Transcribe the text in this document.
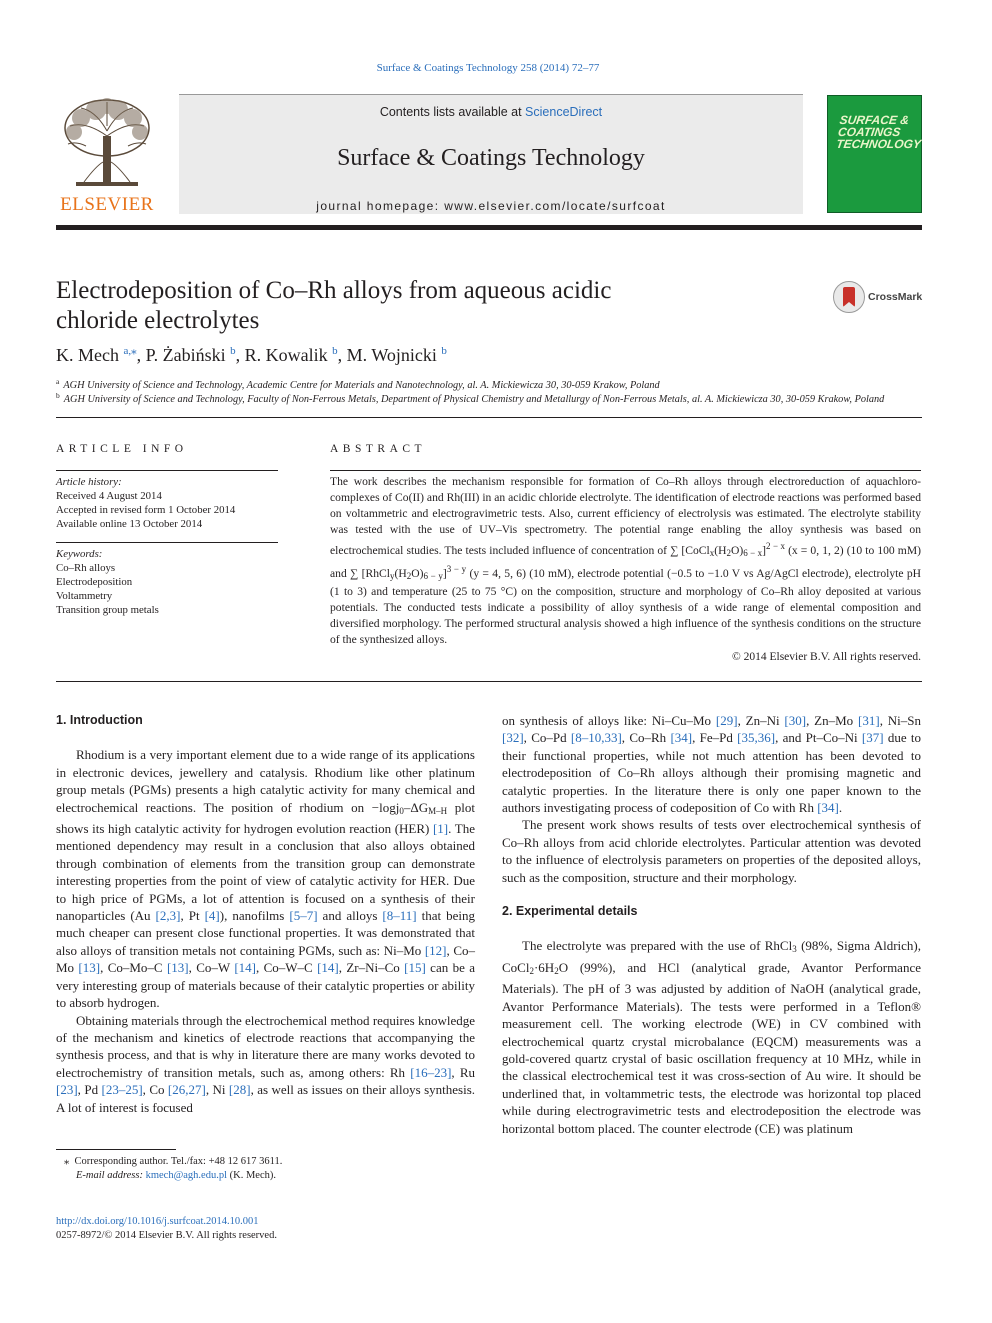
Surface & Coatings Technology 258 (2014) 72–77
ELSEVIER
Contents lists available at ScienceDirect
Surface & Coatings Technology
journal homepage: www.elsevier.com/locate/surfcoat
SURFACE & COATINGS TECHNOLOGY
Electrodeposition of Co–Rh alloys from aqueous acidic chloride electrolytes
CrossMark
K. Mech $^{a,⁎}$, P. Żabiński $^b$, R. Kowalik $^b$, M. Wojnicki $^b$
$^a$ AGH University of Science and Technology, Academic Centre for Materials and Nanotechnology, al. A. Mickiewicza 30, 30-059 Krakow, Poland
$^b$ AGH University of Science and Technology, Faculty of Non-Ferrous Metals, Department of Physical Chemistry and Metallurgy of Non-Ferrous Metals, al. A. Mickiewicza 30, 30-059 Krakow, Poland
ARTICLE INFO	ABSTRACT
Article history:
Received 4 August 2014
Accepted in revised form 1 October 2014
Available online 13 October 2014
Keywords:
Co–Rh alloys
Electrodeposition
Voltammetry
Transition group metals
The work describes the mechanism responsible for formation of Co–Rh alloys through electroreduction of aquachloro- complexes of Co(II) and Rh(III) in an acidic chloride electrolyte. The identification of electrode reactions was performed based on voltammetric and electrogravimetric tests. Also, current efficiency of electrolysis was estimated. The electrolyte stability was tested with the use of UV–Vis spectrometry. The potential range enabling the alloy synthesis was based on electrochemical studies. The tests included influence of concentration of ∑ $[CoCl_x(H_2O)_{6 - x}]^{2 - x}$ (x = 0, 1, 2) (10 to 100 mM) and ∑ $[RhCl_y(H_2O)_{6 - y}]^{3 - y}$ (y = 4, 5, 6) (10 mM), electrode potential (−0.5 to −1.0 V vs Ag/AgCl electrode), electrolyte pH (1 to 3) and temperature (25 to 75 °C) on the composition, structure and morphology of Co–Rh alloy deposited at various potentials. The conducted tests indicate a possibility of alloy synthesis of a wide range of elemental composition and diversified morphology. The performed structural analysis showed a high influence of the synthesis conditions on the structure of the synthesized alloys.
© 2014 Elsevier B.V. All rights reserved.

1. Introduction

Rhodium is a very important element due to a wide range of its applications in electronic devices, jewellery and catalysis. Rhodium like other platinum group metals (PGMs) presents a high catalytic activity for many chemical and electrochemical reactions. The position of rhodium on $-\log j_0-\Delta G_{M-H}$ plot shows its high catalytic activity for hydrogen evolution reaction (HER) [1]. The mentioned dependency may result in a conclusion that also alloys obtained through combination of elements from the transition group can demonstrate interesting properties from the point of view of catalytic activity for HER. Due to high price of PGMs, a lot of attention is focused on a synthesis of their nanoparticles (Au [2,3], Pt [4]), nanofilms [5–7] and alloys [8–11] that being much cheaper can present close functional properties. It was demonstrated that also alloys of transition metals not containing PGMs, such as: Ni–Mo [12], Co–Mo [13], Co–Mo–C [13], Co–W [14], Co–W–C [14], Zr–Ni–Co [15] can be a very interesting group of materials because of their catalytic properties or ability to absorb hydrogen.

Obtaining materials through the electrochemical method requires knowledge of the mechanism and kinetics of electrode reactions that accompanying the synthesis process, and that is why in literature there are many works devoted to electrochemistry of transition metals, such as, among others: Rh [16–23], Ru [23], Pd [23–25], Co [26,27], Ni [28], as well as issues on their alloys synthesis. A lot of interest is focused

on synthesis of alloys like: Ni–Cu–Mo [29], Zn–Ni [30], Zn–Mo [31], Ni–Sn [32], Co–Pd [8–10,33], Co–Rh [34], Fe–Pd [35,36], and Pt–Co–Ni [37] due to their functional properties, while not much attention has been devoted to electrodeposition of Co–Rh alloys although their promising magnetic and catalytic properties. In the literature there is only one paper known to the authors investigating process of codeposition of Co with Rh [34].

The present work shows results of tests over electrochemical synthesis of Co–Rh alloys from acid chloride electrolytes. Particular attention was devoted to the influence of electrolysis parameters on properties of the deposited alloys, such as the composition, structure and their morphology.

2. Experimental details

The electrolyte was prepared with the use of RhCl$_3$ (98%, Sigma Aldrich), $CoCl_2\cdot 6H_2O$ (99%), and HCl (analytical grade, Avantor Performance Materials). The pH of 3 was adjusted by addition of NaOH (analytical grade, Avantor Performance Materials). The tests were performed in a Teflon® measurement cell. The working electrode (WE) in CV combined with electrochemical quartz crystal microbalance (EQCM) measurements was a gold-covered quartz crystal of basic oscillation frequency at 10 MHz, while in the classical electrochemical test it was cross-section of Au wire. It should be underlined that, in voltammetric tests, the electrode was horizontal top placed while during electrogravimetric tests and electrodeposition the electrode was horizontal bottom placed. The counter electrode (CE) was platinum

⁎  Corresponding author. Tel./fax: +48 12 617 3611.
E-mail address: kmech@agh.edu.pl (K. Mech).
http://dx.doi.org/10.1016/j.surfcoat.2014.10.001
0257-8972/© 2014 Elsevier B.V. All rights reserved.
